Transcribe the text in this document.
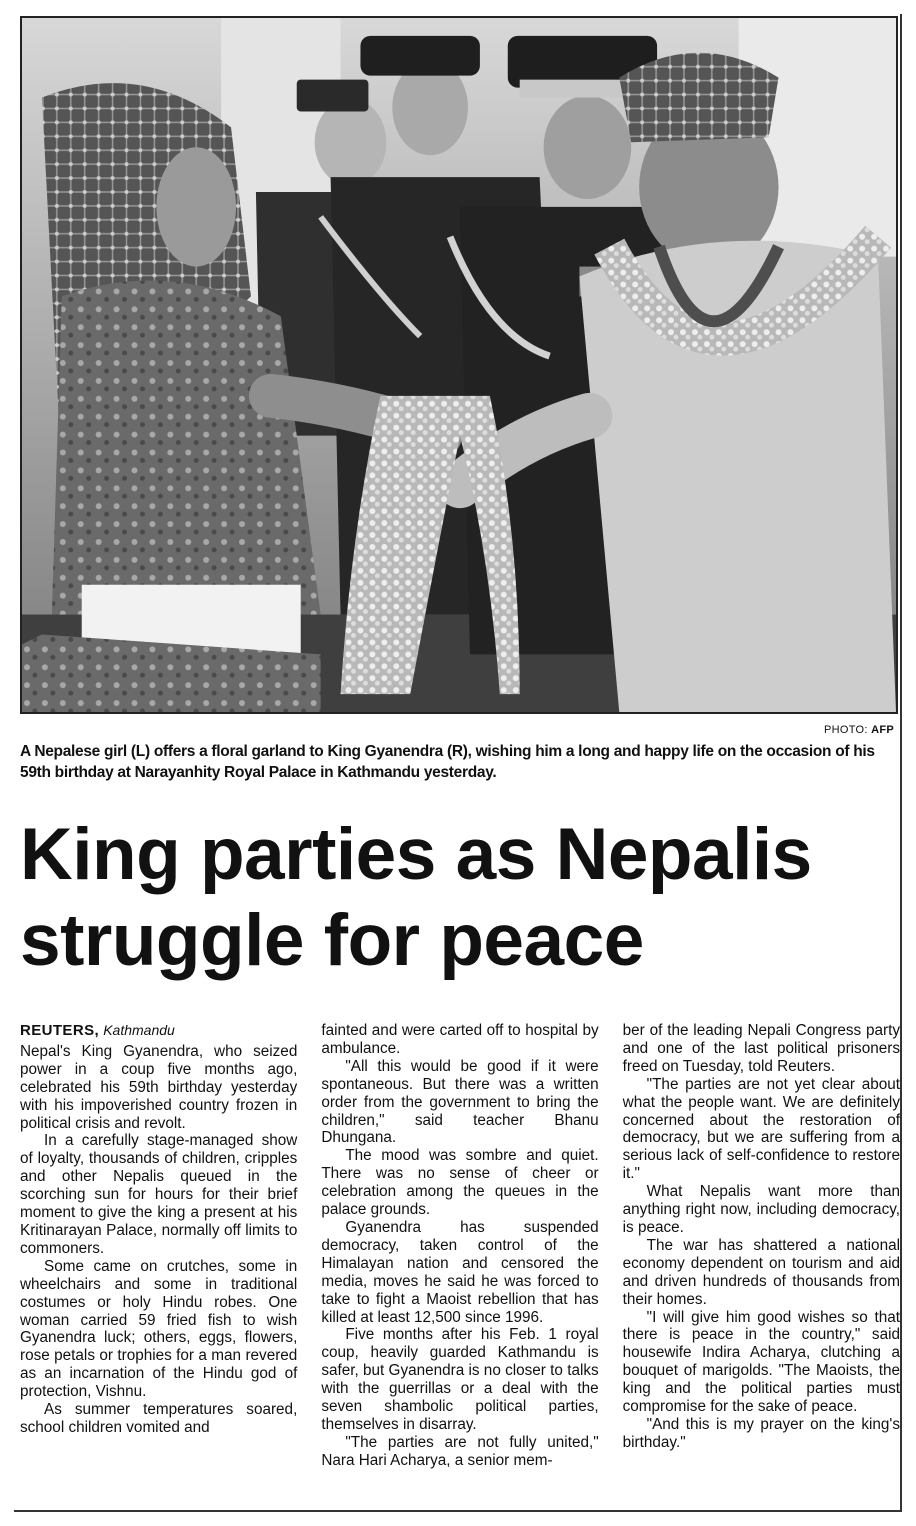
PHOTO: AFP
A Nepalese girl (L) offers a floral garland to King Gyanendra (R), wishing him a long and happy life on the occasion of his 59th birthday at Narayanhity Royal Palace in Kathmandu yesterday.
King parties as Nepalis
struggle for peace
REUTERS, Kathmandu

Nepal's King Gyanendra, who seized power in a coup five months ago, celebrated his 59th birthday yesterday with his impoverished country frozen in political crisis and revolt.

In a carefully stage-managed show of loyalty, thousands of children, cripples and other Nepalis queued in the scorching sun for hours for their brief moment to give the king a present at his Kritinarayan Palace, normally off limits to commoners.

Some came on crutches, some in wheelchairs and some in traditional costumes or holy Hindu robes. One woman carried 59 fried fish to wish Gyanendra luck; others, eggs, flowers, rose petals or trophies for a man revered as an incarnation of the Hindu god of protection, Vishnu.

As summer temperatures soared, school children vomited and

fainted and were carted off to hospital by ambulance.

"All this would be good if it were spontaneous. But there was a written order from the government to bring the children," said teacher Bhanu Dhungana.

The mood was sombre and quiet. There was no sense of cheer or celebration among the queues in the palace grounds.

Gyanendra has suspended democracy, taken control of the Himalayan nation and censored the media, moves he said he was forced to take to fight a Maoist rebellion that has killed at least 12,500 since 1996.

Five months after his Feb. 1 royal coup, heavily guarded Kathmandu is safer, but Gyanendra is no closer to talks with the guerrillas or a deal with the seven shambolic political parties, themselves in disarray.

"The parties are not fully united," Nara Hari Acharya, a senior mem-

ber of the leading Nepali Congress party and one of the last political prisoners freed on Tuesday, told Reuters.

"The parties are not yet clear about what the people want. We are definitely concerned about the restoration of democracy, but we are suffering from a serious lack of self-confidence to restore it."

What Nepalis want more than anything right now, including democracy, is peace.

The war has shattered a national economy dependent on tourism and aid and driven hundreds of thousands from their homes.

"I will give him good wishes so that there is peace in the country," said housewife Indira Acharya, clutching a bouquet of marigolds. "The Maoists, the king and the political parties must compromise for the sake of peace.

"And this is my prayer on the king's birthday."
